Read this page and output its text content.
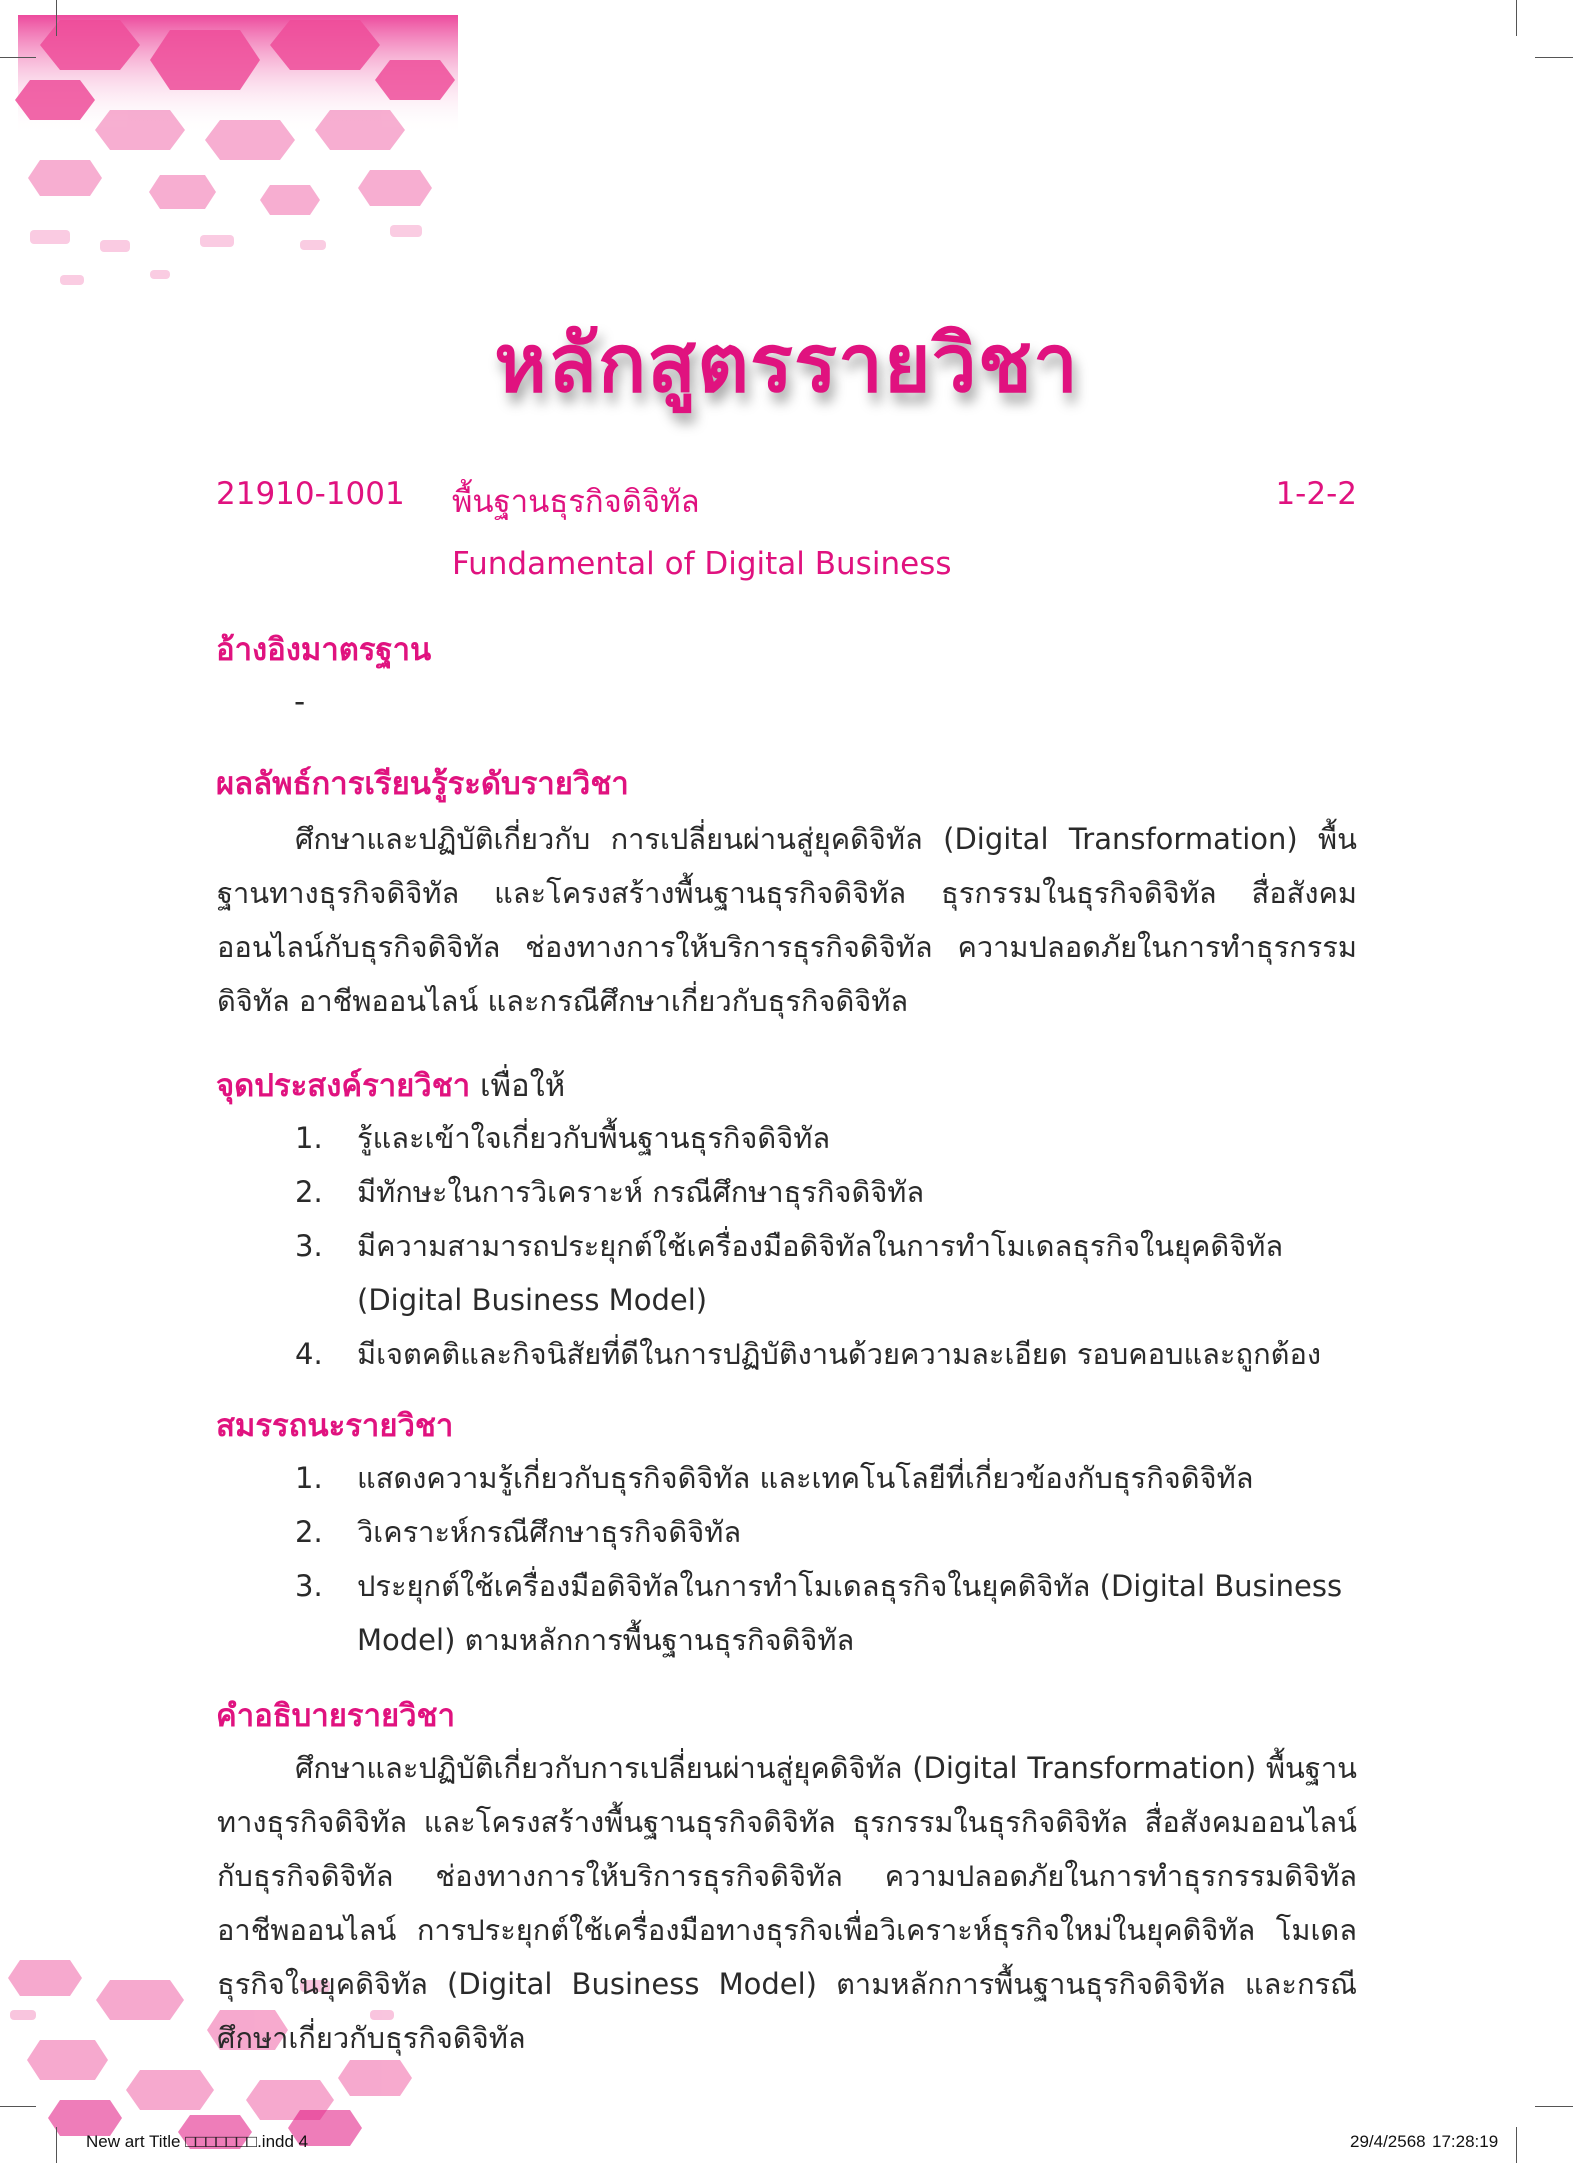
หลักสูตรรายวิชา
21910-1001 พื้นฐานธุรกิจดิจิทัล	1-2-2
Fundamental of Digital Business
อ้างอิงมาตรฐาน
-
ผลลัพธ์การเรียนรู้ระดับรายวิชา
ศึกษาและปฏิบัติเกี่ยวกับ การเปลี่ยนผ่านสู่ยุคดิจิทัล (Digital Transformation) พื้นฐานทางธุรกิจดิจิทัล และโครงสร้างพื้นฐานธุรกิจดิจิทัล ธุรกรรมในธุรกิจดิจิทัล สื่อสังคมออนไลน์กับธุรกิจดิจิทัล ช่องทางการให้บริการธุรกิจดิจิทัล ความปลอดภัยในการทำธุรกรรมดิจิทัล อาชีพออนไลน์ และกรณีศึกษาเกี่ยวกับธุรกิจดิจิทัล
จุดประสงค์รายวิชา เพื่อให้
1. รู้และเข้าใจเกี่ยวกับพื้นฐานธุรกิจดิจิทัล
2. มีทักษะในการวิเคราะห์ กรณีศึกษาธุรกิจดิจิทัล
3. มีความสามารถประยุกต์ใช้เครื่องมือดิจิทัลในการทำโมเดลธุรกิจในยุคดิจิทัล (Digital Business Model)
4. มีเจตคติและกิจนิสัยที่ดีในการปฏิบัติงานด้วยความละเอียด รอบคอบและถูกต้อง
สมรรถนะรายวิชา
1. แสดงความรู้เกี่ยวกับธุรกิจดิจิทัล และเทคโนโลยีที่เกี่ยวข้องกับธุรกิจดิจิทัล
2. วิเคราะห์กรณีศึกษาธุรกิจดิจิทัล
3. ประยุกต์ใช้เครื่องมือดิจิทัลในการทำโมเดลธุรกิจในยุคดิจิทัล (Digital Business Model) ตามหลักการพื้นฐานธุรกิจดิจิทัล
คำอธิบายรายวิชา
ศึกษาและปฏิบัติเกี่ยวกับการเปลี่ยนผ่านสู่ยุคดิจิทัล (Digital Transformation) พื้นฐานทางธุรกิจดิจิทัล และโครงสร้างพื้นฐานธุรกิจดิจิทัล ธุรกรรมในธุรกิจดิจิทัล สื่อสังคมออนไลน์กับธุรกิจดิจิทัล ช่องทางการให้บริการธุรกิจดิจิทัล ความปลอดภัยในการทำธุรกรรมดิจิทัล อาชีพออนไลน์ การประยุกต์ใช้เครื่องมือทางธุรกิจเพื่อวิเคราะห์ธุรกิจใหม่ในยุคดิจิทัล โมเดลธุรกิจในยุคดิจิทัล (Digital Business Model) ตามหลักการพื้นฐานธุรกิจดิจิทัล และกรณีศึกษาเกี่ยวกับธุรกิจดิจิทัล
New art Title □□□□□□□.indd 4	29/4/2568 17:28:19
